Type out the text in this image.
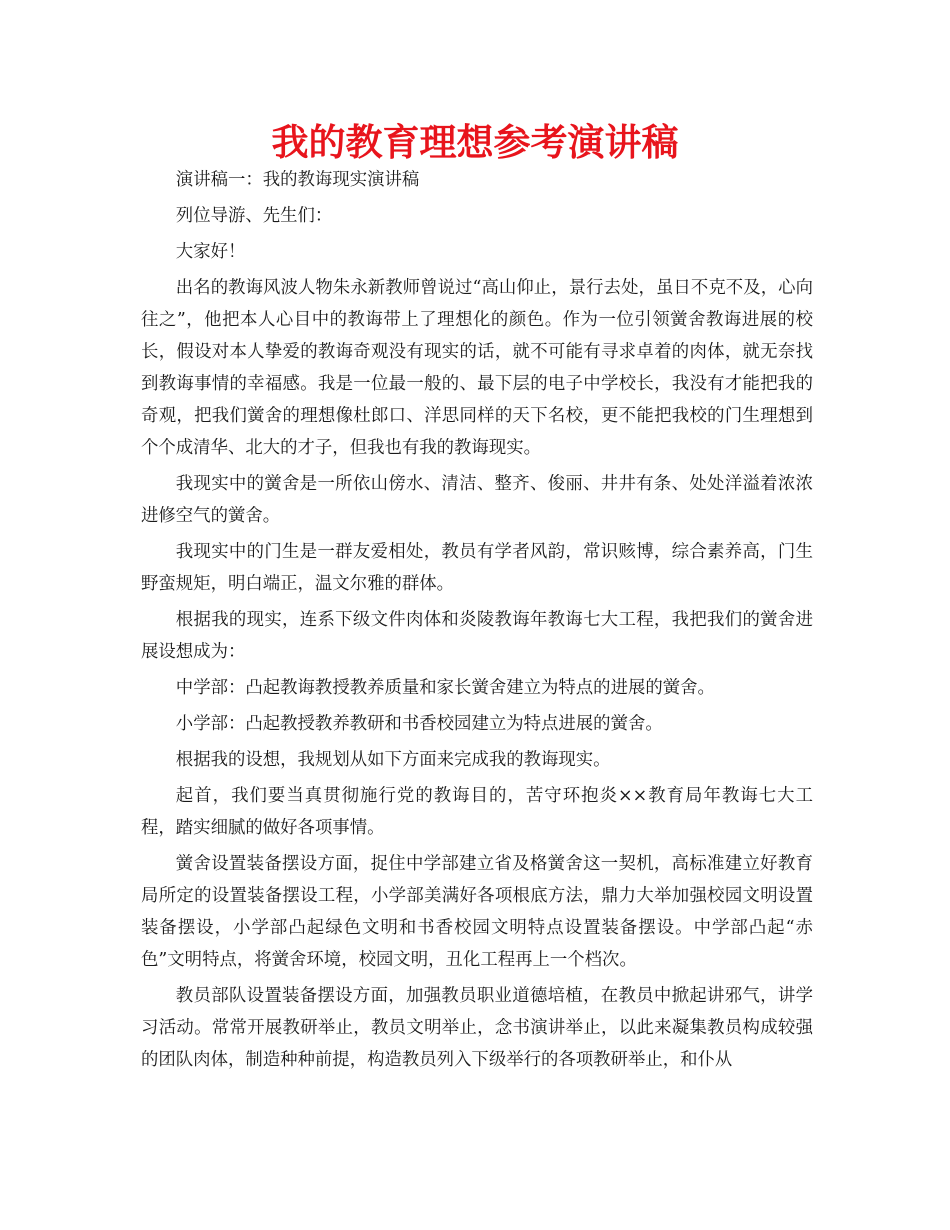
我的教育理想参考演讲稿

演讲稿一：我的教诲现实演讲稿

列位导游、先生们：

大家好！

出名的教诲风波人物朱永新教师曾说过“高山仰止，景行去处，虽日不克不及，心向往之”，他把本人心目中的教诲带上了理想化的颜色。作为一位引领黉舍教诲进展的校长，假设对本人挚爱的教诲奇观没有现实的话，就不可能有寻求卓着的肉体，就无奈找到教诲事情的幸福感。我是一位最一般的、最下层的电子中学校长，我没有才能把我的奇观，把我们黉舍的理想像杜郎口、洋思同样的天下名校，更不能把我校的门生理想到个个成清华、北大的才子，但我也有我的教诲现实。

我现实中的黉舍是一所依山傍水、清洁、整齐、俊丽、井井有条、处处洋溢着浓浓进修空气的黉舍。

我现实中的门生是一群友爱相处，教员有学者风韵，常识赅博，综合素养高，门生野蛮规矩，明白端正，温文尔雅的群体。

根据我的现实，连系下级文件肉体和炎陵教诲年教诲七大工程，我把我们的黉舍进展设想成为：

中学部：凸起教诲教授教养质量和家长黉舍建立为特点的进展的黉舍。

小学部：凸起教授教养教研和书香校园建立为特点进展的黉舍。

根据我的设想，我规划从如下方面来完成我的教诲现实。

起首，我们要当真贯彻施行党的教诲目的，苦守环抱炎××教育局年教诲七大工程，踏实细腻的做好各项事情。

黉舍设置装备摆设方面，捉住中学部建立省及格黉舍这一契机，高标准建立好教育局所定的设置装备摆设工程，小学部美满好各项根底方法，鼎力大举加强校园文明设置装备摆设，小学部凸起绿色文明和书香校园文明特点设置装备摆设。中学部凸起“赤色”文明特点，将黉舍环境，校园文明，丑化工程再上一个档次。

教员部队设置装备摆设方面，加强教员职业道德培植，在教员中掀起讲邪气，讲学习活动。常常开展教研举止，教员文明举止，念书演讲举止，以此来凝集教员构成较强的团队肉体，制造种种前提，构造教员列入下级举行的各项教研举止，和仆从
